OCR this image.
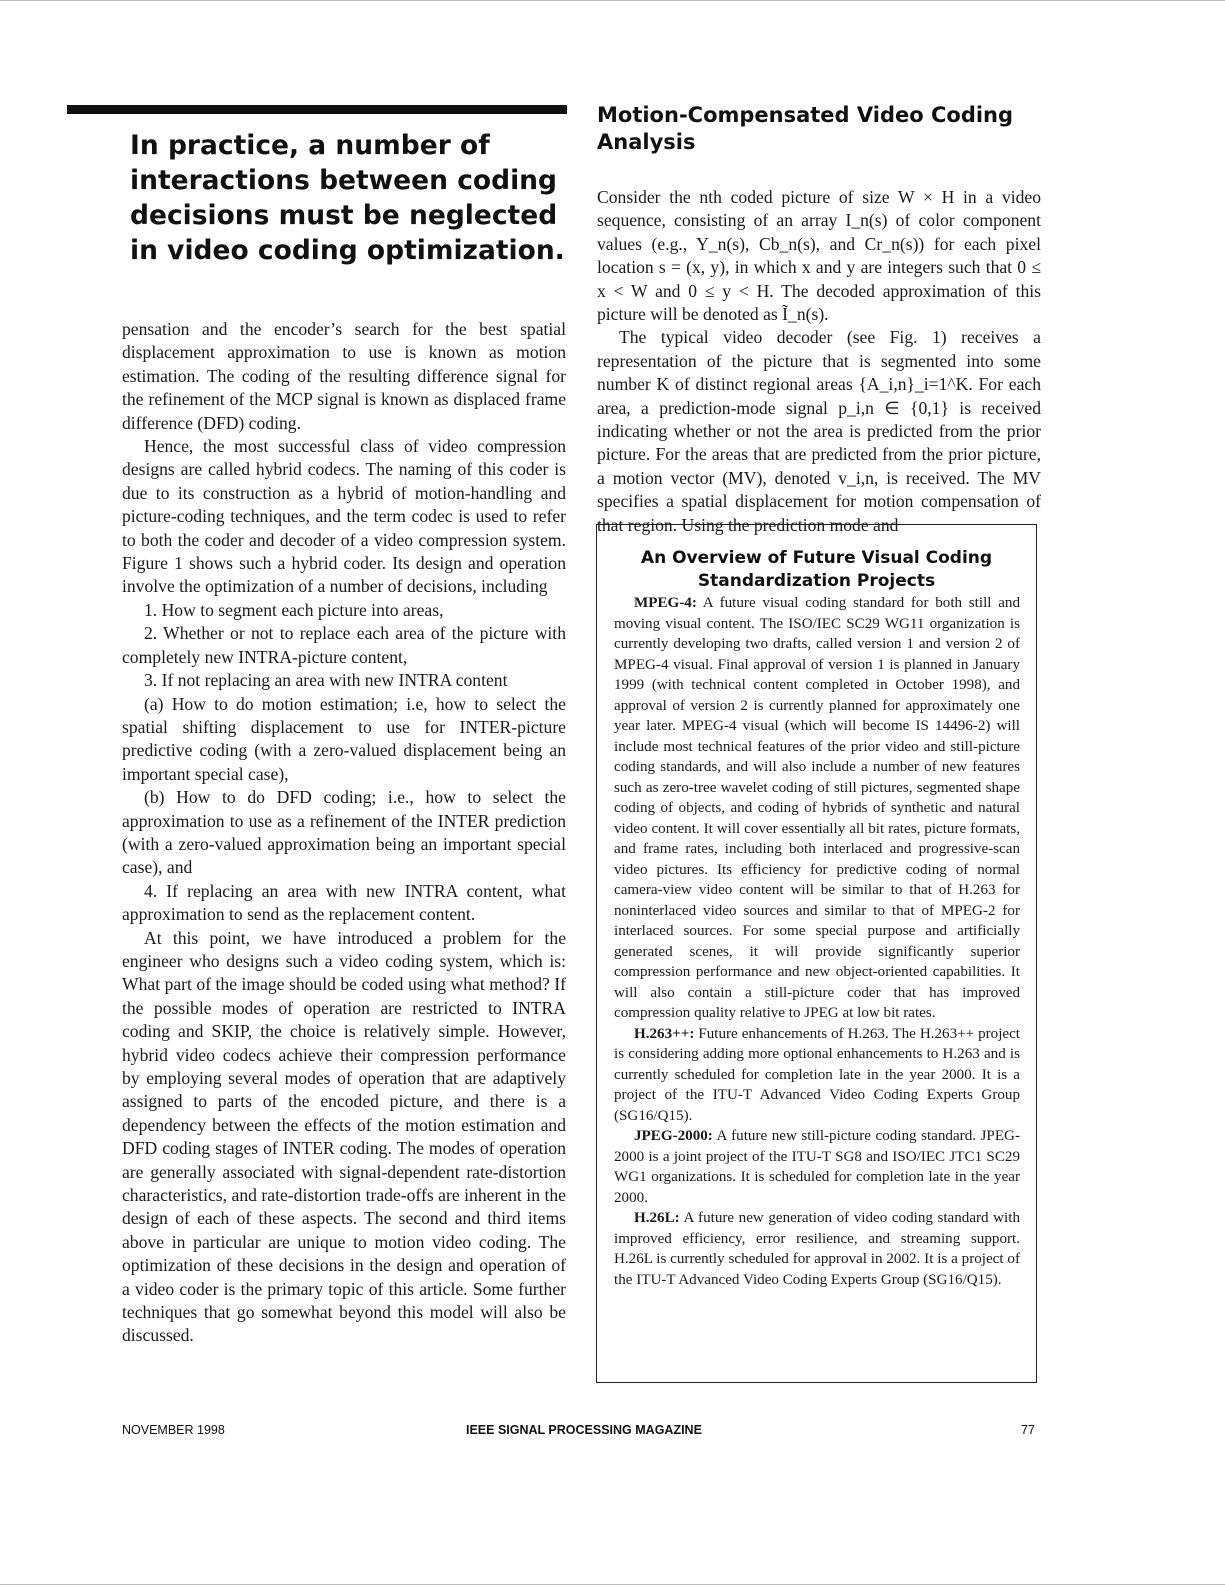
In practice, a number of interactions between coding decisions must be neglected in video coding optimization.

pensation and the encoder’s search for the best spatial displacement approximation to use is known as motion estimation. The coding of the resulting difference signal for the refinement of the MCP signal is known as displaced frame difference (DFD) coding.

Hence, the most successful class of video compression designs are called hybrid codecs. The naming of this coder is due to its construction as a hybrid of motion-handling and picture-coding techniques, and the term codec is used to refer to both the coder and decoder of a video compression system. Figure 1 shows such a hybrid coder. Its design and operation involve the optimization of a number of decisions, including

1. How to segment each picture into areas,

2. Whether or not to replace each area of the picture with completely new INTRA-picture content,

3. If not replacing an area with new INTRA content

(a) How to do motion estimation; i.e, how to select the spatial shifting displacement to use for INTER-picture predictive coding (with a zero-valued displacement being an important special case),

(b) How to do DFD coding; i.e., how to select the approximation to use as a refinement of the INTER prediction (with a zero-valued approximation being an important special case), and

4. If replacing an area with new INTRA content, what approximation to send as the replacement content.

At this point, we have introduced a problem for the engineer who designs such a video coding system, which is: What part of the image should be coded using what method? If the possible modes of operation are restricted to INTRA coding and SKIP, the choice is relatively simple. However, hybrid video codecs achieve their compression performance by employing several modes of operation that are adaptively assigned to parts of the encoded picture, and there is a dependency between the effects of the motion estimation and DFD coding stages of INTER coding. The modes of operation are generally associated with signal-dependent rate-distortion characteristics, and rate-distortion trade-offs are inherent in the design of each of these aspects. The second and third items above in particular are unique to motion video coding. The optimization of these decisions in the design and operation of a video coder is the primary topic of this article. Some further techniques that go somewhat beyond this model will also be discussed.

Motion-Compensated Video Coding Analysis

Consider the nth coded picture of size W × H in a video sequence, consisting of an array I_n(s) of color component values (e.g., Y_n(s), Cb_n(s), and Cr_n(s)) for each pixel location s = (x, y), in which x and y are integers such that 0 ≤ x < W and 0 ≤ y < H. The decoded approximation of this picture will be denoted as Ĩ_n(s).

The typical video decoder (see Fig. 1) receives a representation of the picture that is segmented into some number K of distinct regional areas {A_i,n}_i=1^K. For each area, a prediction-mode signal p_i,n ∈ {0,1} is received indicating whether or not the area is predicted from the prior picture. For the areas that are predicted from the prior picture, a motion vector (MV), denoted v_i,n, is received. The MV specifies a spatial displacement for motion compensation of that region. Using the prediction mode and

An Overview of Future Visual Coding Standardization Projects

MPEG-4: A future visual coding standard for both still and moving visual content. The ISO/IEC SC29 WG11 organization is currently developing two drafts, called version 1 and version 2 of MPEG-4 visual. Final approval of version 1 is planned in January 1999 (with technical content completed in October 1998), and approval of version 2 is currently planned for approximately one year later. MPEG-4 visual (which will become IS 14496-2) will include most technical features of the prior video and still-picture coding standards, and will also include a number of new features such as zero-tree wavelet coding of still pictures, segmented shape coding of objects, and coding of hybrids of synthetic and natural video content. It will cover essentially all bit rates, picture formats, and frame rates, including both interlaced and progressive-scan video pictures. Its efficiency for predictive coding of normal camera-view video content will be similar to that of H.263 for noninterlaced video sources and similar to that of MPEG-2 for interlaced sources. For some special purpose and artificially generated scenes, it will provide significantly superior compression performance and new object-oriented capabilities. It will also contain a still-picture coder that has improved compression quality relative to JPEG at low bit rates.

H.263++: Future enhancements of H.263. The H.263++ project is considering adding more optional enhancements to H.263 and is currently scheduled for completion late in the year 2000. It is a project of the ITU-T Advanced Video Coding Experts Group (SG16/Q15).

JPEG-2000: A future new still-picture coding standard. JPEG-2000 is a joint project of the ITU-T SG8 and ISO/IEC JTC1 SC29 WG1 organizations. It is scheduled for completion late in the year 2000.

H.26L: A future new generation of video coding standard with improved efficiency, error resilience, and streaming support. H.26L is currently scheduled for approval in 2002. It is a project of the ITU-T Advanced Video Coding Experts Group (SG16/Q15).

NOVEMBER 1998	IEEE SIGNAL PROCESSING MAGAZINE	77
